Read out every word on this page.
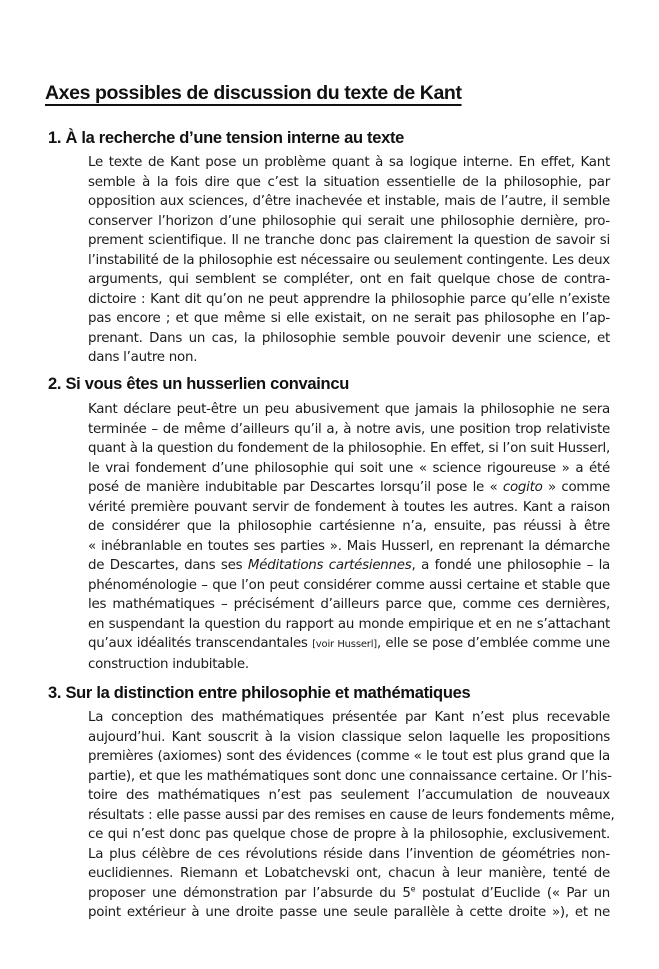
Axes possibles de discussion du texte de Kant
1. À la recherche d’une tension interne au texte
Le texte de Kant pose un problème quant à sa logique interne. En effet, Kant
semble à la fois dire que c’est la situation essentielle de la philosophie, par
opposition aux sciences, d’être inachevée et instable, mais de l’autre, il semble
conserver l’horizon d’une philosophie qui serait une philosophie dernière, pro-
prement scientifique. Il ne tranche donc pas clairement la question de savoir si
l’instabilité de la philosophie est nécessaire ou seulement contingente. Les deux
arguments, qui semblent se compléter, ont en fait quelque chose de contra-
dictoire : Kant dit qu’on ne peut apprendre la philosophie parce qu’elle n’existe
pas encore ; et que même si elle existait, on ne serait pas philosophe en l’ap-
prenant. Dans un cas, la philosophie semble pouvoir devenir une science, et
dans l’autre non.
2. Si vous êtes un husserlien convaincu
Kant déclare peut-être un peu abusivement que jamais la philosophie ne sera
terminée – de même d’ailleurs qu’il a, à notre avis, une position trop relativiste
quant à la question du fondement de la philosophie. En effet, si l’on suit Husserl,
le vrai fondement d’une philosophie qui soit une « science rigoureuse » a été
posé de manière indubitable par Descartes lorsqu’il pose le « cogito » comme
vérité première pouvant servir de fondement à toutes les autres. Kant a raison
de considérer que la philosophie cartésienne n’a, ensuite, pas réussi à être
« inébranlable en toutes ses parties ». Mais Husserl, en reprenant la démarche
de Descartes, dans ses Méditations cartésiennes, a fondé une philosophie – la
phénoménologie – que l’on peut considérer comme aussi certaine et stable que
les mathématiques – précisément d’ailleurs parce que, comme ces dernières,
en suspendant la question du rapport au monde empirique et en ne s’attachant
qu’aux idéalités transcendantales [voir Husserl], elle se pose d’emblée comme une
construction indubitable.
3. Sur la distinction entre philosophie et mathématiques
La conception des mathématiques présentée par Kant n’est plus recevable
aujourd’hui. Kant souscrit à la vision classique selon laquelle les propositions
premières (axiomes) sont des évidences (comme « le tout est plus grand que la
partie), et que les mathématiques sont donc une connaissance certaine. Or l’his-
toire des mathématiques n’est pas seulement l’accumulation de nouveaux
résultats : elle passe aussi par des remises en cause de leurs fondements même,
ce qui n’est donc pas quelque chose de propre à la philosophie, exclusivement.
La plus célèbre de ces révolutions réside dans l’invention de géométries non-
euclidiennes. Riemann et Lobatchevski ont, chacun à leur manière, tenté de
proposer une démonstration par l’absurde du 5e postulat d’Euclide (« Par un
point extérieur à une droite passe une seule parallèle à cette droite »), et ne
